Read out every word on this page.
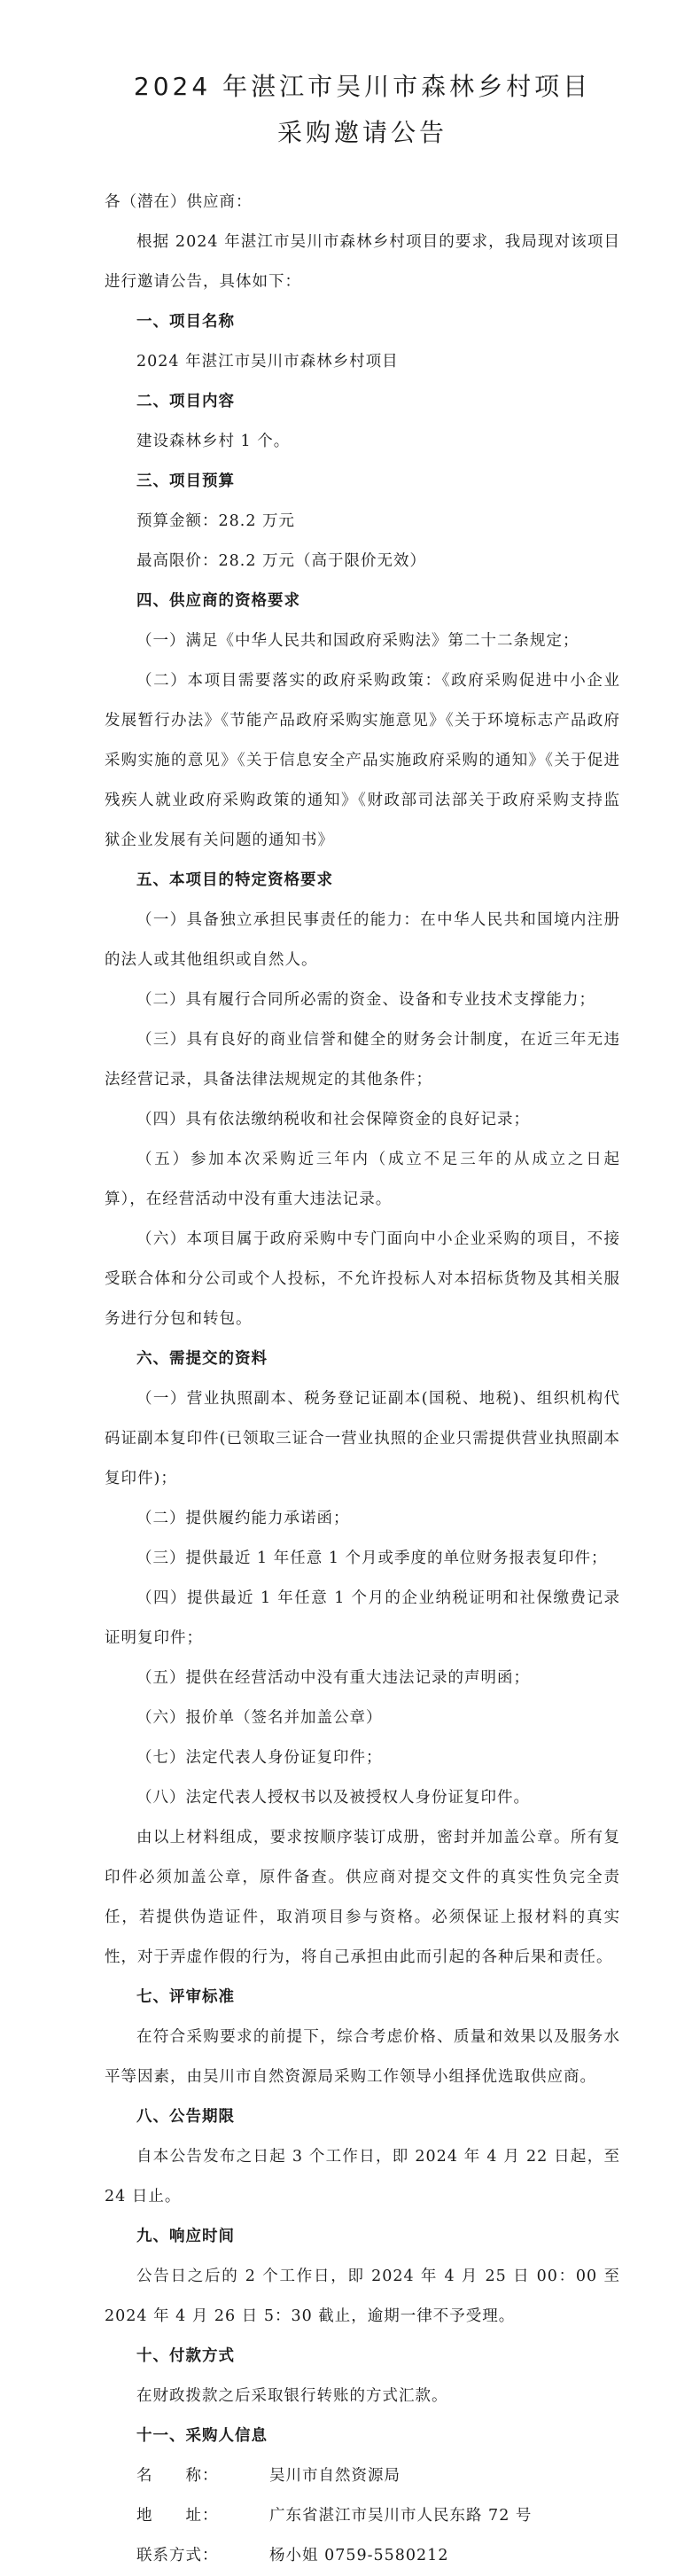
2024 年湛江市吴川市森林乡村项目
采购邀请公告

各（潜在）供应商：

根据 2024 年湛江市吴川市森林乡村项目的要求，我局现对该项目进行邀请公告，具体如下：

一、项目名称

2024 年湛江市吴川市森林乡村项目

二、项目内容

建设森林乡村 1 个。

三、项目预算

预算金额：28.2 万元

最高限价：28.2 万元（高于限价无效）

四、供应商的资格要求

（一）满足《中华人民共和国政府采购法》第二十二条规定；

（二）本项目需要落实的政府采购政策：《政府采购促进中小企业发展暂行办法》《节能产品政府采购实施意见》《关于环境标志产品政府采购实施的意见》《关于信息安全产品实施政府采购的通知》《关于促进残疾人就业政府采购政策的通知》《财政部司法部关于政府采购支持监狱企业发展有关问题的通知书》

五、本项目的特定资格要求

（一）具备独立承担民事责任的能力：在中华人民共和国境内注册的法人或其他组织或自然人。

（二）具有履行合同所必需的资金、设备和专业技术支撑能力；

（三）具有良好的商业信誉和健全的财务会计制度，在近三年无违法经营记录，具备法律法规规定的其他条件；

（四）具有依法缴纳税收和社会保障资金的良好记录；

（五）参加本次采购近三年内（成立不足三年的从成立之日起算），在经营活动中没有重大违法记录。

（六）本项目属于政府采购中专门面向中小企业采购的项目，不接受联合体和分公司或个人投标，不允许投标人对本招标货物及其相关服务进行分包和转包。

六、需提交的资料

（一）营业执照副本、税务登记证副本(国税、地税)、组织机构代码证副本复印件(已领取三证合一营业执照的企业只需提供营业执照副本复印件)；

（二）提供履约能力承诺函；

（三）提供最近 1 年任意 1 个月或季度的单位财务报表复印件；

（四）提供最近 1 年任意 1 个月的企业纳税证明和社保缴费记录证明复印件；

（五）提供在经营活动中没有重大违法记录的声明函；

（六）报价单（签名并加盖公章）

（七）法定代表人身份证复印件；

（八）法定代表人授权书以及被授权人身份证复印件。

由以上材料组成，要求按顺序装订成册，密封并加盖公章。所有复印件必须加盖公章，原件备查。供应商对提交文件的真实性负完全责任，若提供伪造证件，取消项目参与资格。必须保证上报材料的真实性，对于弄虚作假的行为，将自己承担由此而引起的各种后果和责任。

七、评审标准

在符合采购要求的前提下，综合考虑价格、质量和效果以及服务水平等因素，由吴川市自然资源局采购工作领导小组择优选取供应商。

八、公告期限

自本公告发布之日起 3 个工作日，即 2024 年 4 月 22 日起，至 24 日止。

九、响应时间

公告日之后的 2 个工作日，即 2024 年 4 月 25 日 00：00 至 2024 年 4 月 26 日 5：30 截止，逾期一律不予受理。

十、付款方式

在财政拨款之后采取银行转账的方式汇款。

十一、采购人信息

名　　称：	吴川市自然资源局

地　　址：	广东省湛江市吴川市人民东路 72 号

联系方式：	杨小姐 0759-5580212
